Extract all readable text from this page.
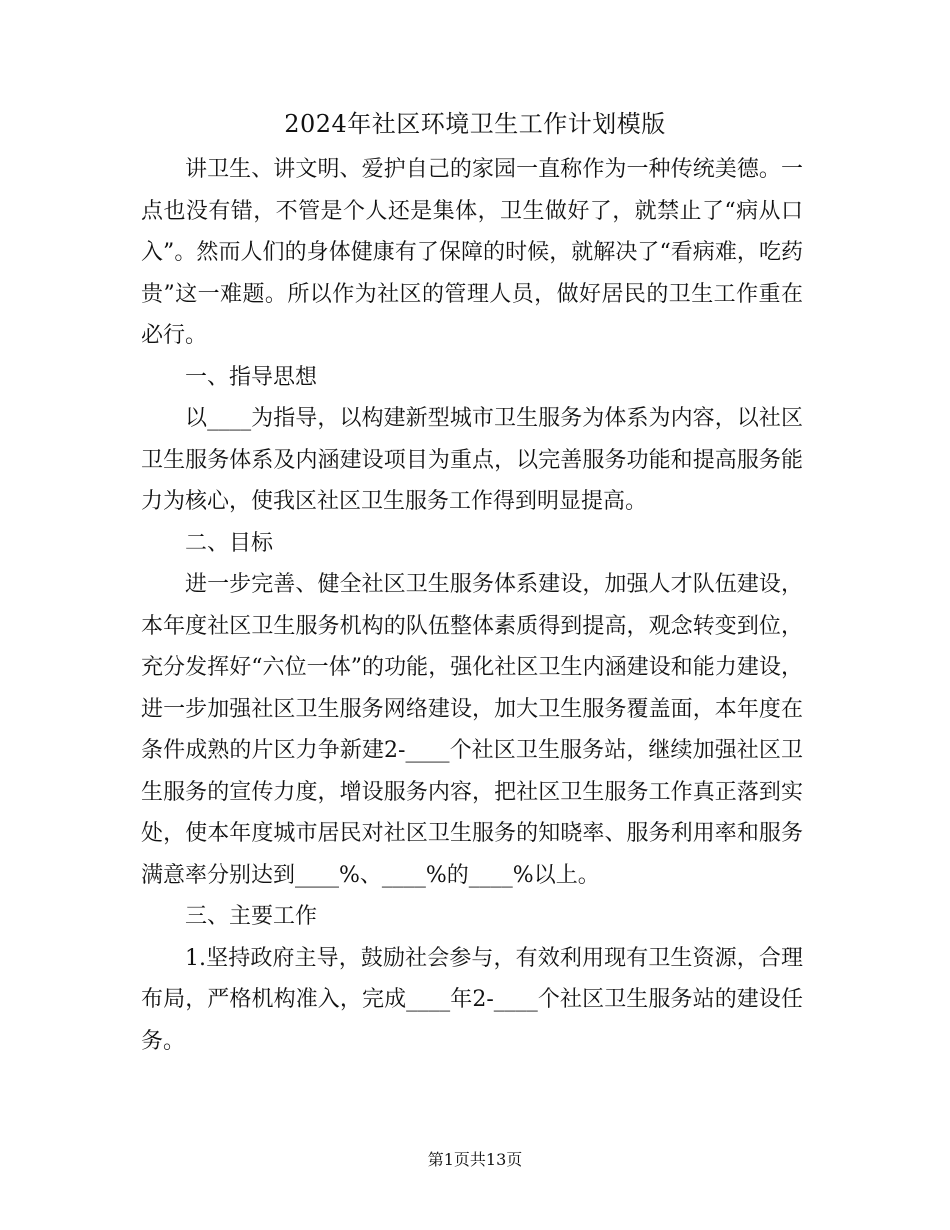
2024年社区环境卫生工作计划模版

讲卫生、讲文明、爱护自己的家园一直称作为一种传统美德。一点也没有错，不管是个人还是集体，卫生做好了，就禁止了“病从口入”。然而人们的身体健康有了保障的时候，就解决了“看病难，吃药贵”这一难题。所以作为社区的管理人员，做好居民的卫生工作重在必行。

一、指导思想

以____为指导，以构建新型城市卫生服务为体系为内容，以社区卫生服务体系及内涵建设项目为重点，以完善服务功能和提高服务能力为核心，使我区社区卫生服务工作得到明显提高。

二、目标

进一步完善、健全社区卫生服务体系建设，加强人才队伍建设，本年度社区卫生服务机构的队伍整体素质得到提高，观念转变到位，充分发挥好“六位一体”的功能，强化社区卫生内涵建设和能力建设，进一步加强社区卫生服务网络建设，加大卫生服务覆盖面，本年度在条件成熟的片区力争新建2-____个社区卫生服务站，继续加强社区卫生服务的宣传力度，增设服务内容，把社区卫生服务工作真正落到实处，使本年度城市居民对社区卫生服务的知晓率、服务利用率和服务满意率分别达到____%、____%的____%以上。

三、主要工作

1.坚持政府主导，鼓励社会参与，有效利用现有卫生资源，合理布局，严格机构准入，完成____年2-____个社区卫生服务站的建设任务。

第1页共13页
